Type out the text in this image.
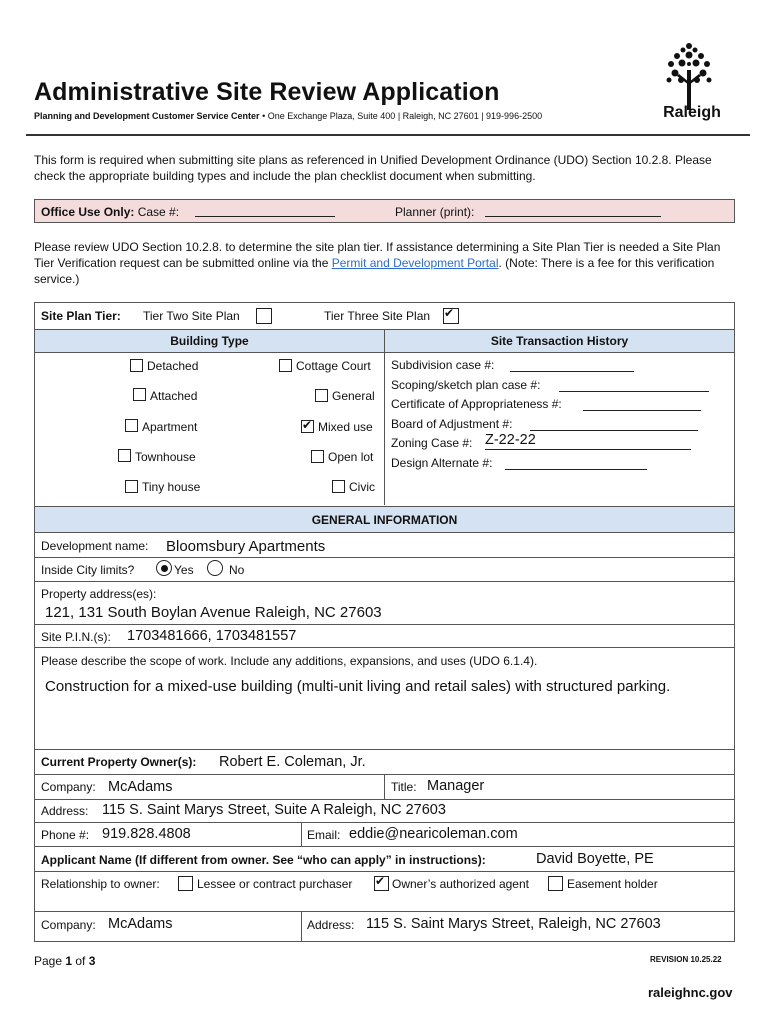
Administrative Site Review Application
Planning and Development Customer Service Center • One Exchange Plaza, Suite 400 | Raleigh, NC 27601 | 919-996-2500	Raleigh
This form is required when submitting site plans as referenced in Unified Development Ordinance (UDO) Section 10.2.8. Please check the appropriate building types and include the plan checklist document when submitting.
Office Use Only: Case #:	Planner (print):
Please review UDO Section 10.2.8. to determine the site plan tier. If assistance determining a Site Plan Tier is needed a Site Plan Tier Verification request can be submitted online via the Permit and Development Portal. (Note: There is a fee for this verification service.)
Site Plan Tier: Tier Two Site Plan	Tier Three Site Plan
✔
Building Type	Site Transaction History
Detached
Attached
Apartment
Townhouse
Tiny house
Cottage Court
General
✔
Mixed use
Open lot
Civic
Subdivision case #:
Scoping/sketch plan case #:
Certificate of Appropriateness #:
Board of Adjustment #:
Zoning Case #: Z-22-22
Design Alternate #:
GENERAL INFORMATION
Development name: Bloomsbury Apartments
Inside City limits?	Yes	No
Property address(es):
121, 131 South Boylan Avenue Raleigh, NC 27603
Site P.I.N.(s): 1703481666, 1703481557
Please describe the scope of work. Include any additions, expansions, and uses (UDO 6.1.4).
Construction for a mixed-use building (multi-unit living and retail sales) with structured parking.
Current Property Owner(s): Robert E. Coleman, Jr.
Company: McAdams	Title: Manager
Address: 115 S. Saint Marys Street, Suite A Raleigh, NC 27603
Phone #: 919.828.4808	Email: eddie@nearicoleman.com
Applicant Name (If different from owner. See “who can apply” in instructions):	David Boyette, PE
Relationship to owner:	Lessee or contract purchaser
✔	Owner’s authorized agent	Easement holder
Company: McAdams	Address: 115 S. Saint Marys Street, Raleigh, NC 27603
Page 1 of 3	REVISION 10.25.22
raleighnc.gov
